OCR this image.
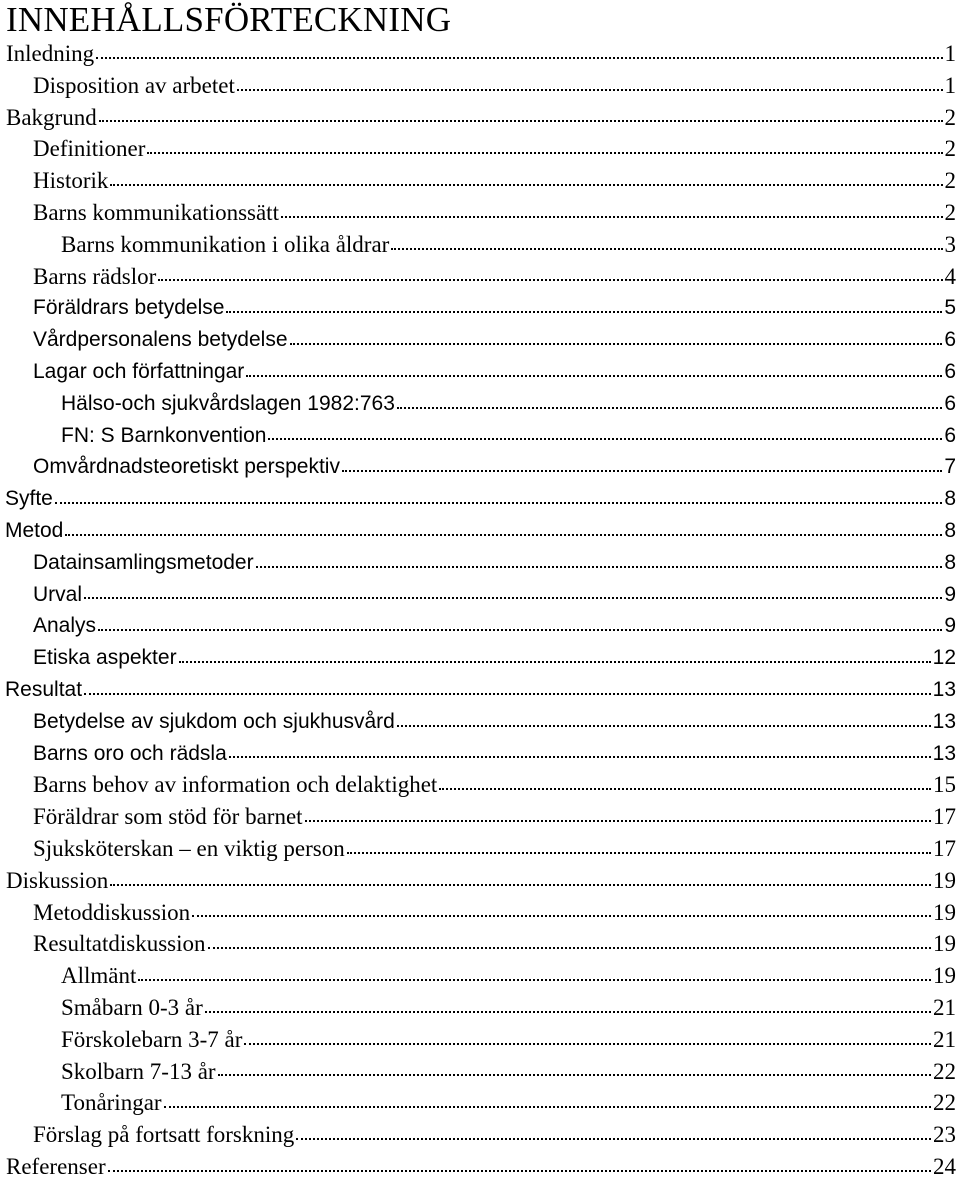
INNEHÅLLSFÖRTECKNING
Inledning	1
Disposition av arbetet	1
Bakgrund	2
Definitioner	2
Historik	2
Barns kommunikationssätt	2
Barns kommunikation i olika åldrar	3
Barns rädslor	4
Föräldrars betydelse	5
Vårdpersonalens betydelse	6
Lagar och författningar	6
Hälso-och sjukvårdslagen 1982:763	6
FN: S Barnkonvention	6
Omvårdnadsteoretiskt perspektiv	7
Syfte	8
Metod	8
Datainsamlingsmetoder	8
Urval	9
Analys	9
Etiska aspekter	12
Resultat	13
Betydelse av sjukdom och sjukhusvård	13
Barns oro och rädsla	13
Barns behov av information och delaktighet	15
Föräldrar som stöd för barnet	17
Sjuksköterskan – en viktig person	17
Diskussion	19
Metoddiskussion	19
Resultatdiskussion	19
Allmänt	19
Småbarn 0-3 år	21
Förskolebarn 3-7 år	21
Skolbarn 7-13 år	22
Tonåringar	22
Förslag på fortsatt forskning	23
Referenser	24
